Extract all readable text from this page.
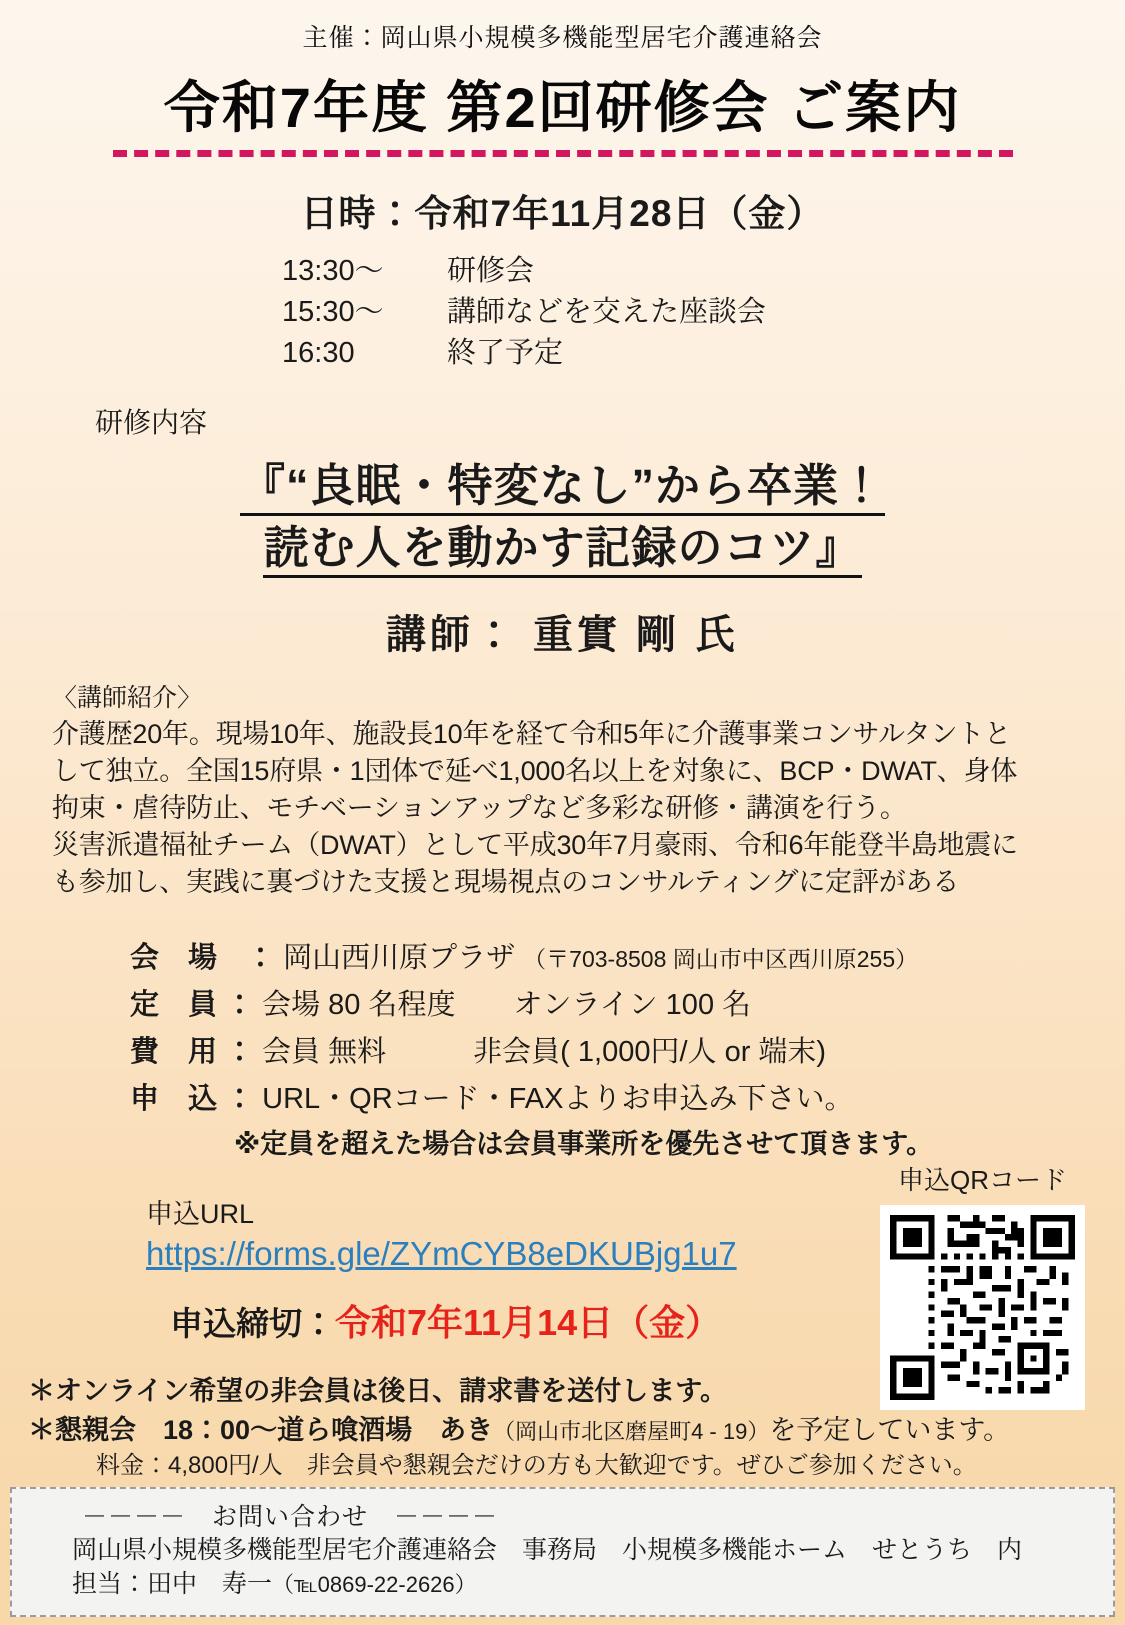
主催：岡山県小規模多機能型居宅介護連絡会
令和7年度 第2回研修会 ご案内
日時：令和7年11月28日（金）
13:30～	研修会
15:30～	講師などを交えた座談会
16:30	終了予定
研修内容
『“良眠・特変なし”から卒業！
読む人を動かす記録のコツ』
講師： 重實 剛 氏
〈講師紹介〉
介護歴20年。現場10年、施設長10年を経て令和5年に介護事業コンサルタントと
して独立。全国15府県・1団体で延べ1,000名以上を対象に、BCP・DWAT、身体
拘束・虐待防止、モチベーションアップなど多彩な研修・講演を行う。
災害派遣福祉チーム（DWAT）として平成30年7月豪雨、令和6年能登半島地震に
も参加し、実践に裏づけた支援と現場視点のコンサルティングに定評がある
会　場　： 岡山西川原プラザ （〒703-8508 岡山市中区西川原255）
定　員 ： 会場 80 名程度　　オンライン 100 名
費　用 ： 会員 無料　　　非会員( 1,000円/人 or 端末)
申　込 ： URL・QRコード・FAXよりお申込み下さい。
※定員を超えた場合は会員事業所を優先させて頂きます。
申込URL
https://forms.gle/ZYmCYB8eDKUBjg1u7
申込締切：令和7年11月14日（金）
申込QRコード
＊オンライン希望の非会員は後日、請求書を送付します。
＊懇親会　18：00～道ら喰酒場　あき（岡山市北区磨屋町4 - 19）を予定しています。
料金：4,800円/人　非会員や懇親会だけの方も大歓迎です。ぜひご参加ください。
－－－－　お問い合わせ　－－－－
岡山県小規模多機能型居宅介護連絡会　事務局　小規模多機能ホーム　せとうち　内
担当：田中　寿一（℡0869-22-2626）
